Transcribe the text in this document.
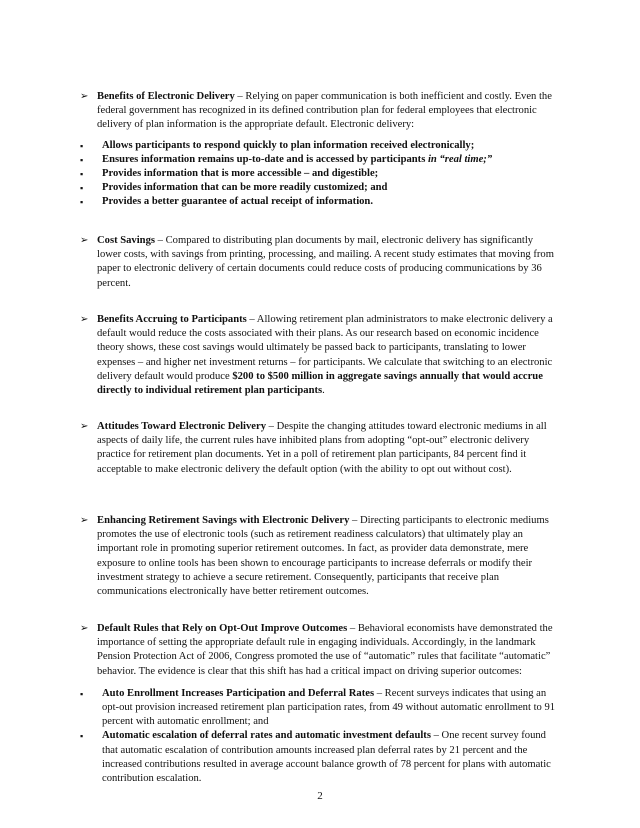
➢ Benefits of Electronic Delivery – Relying on paper communication is both inefficient and costly. Even the federal government has recognized in its defined contribution plan for federal employees that electronic delivery of plan information is the appropriate default. Electronic delivery:
▪ Allows participants to respond quickly to plan information received electronically;
▪ Ensures information remains up-to-date and is accessed by participants in “real time;”
▪ Provides information that is more accessible – and digestible;
▪ Provides information that can be more readily customized; and
▪ Provides a better guarantee of actual receipt of information.
➢ Cost Savings – Compared to distributing plan documents by mail, electronic delivery has significantly lower costs, with savings from printing, processing, and mailing. A recent study estimates that moving from paper to electronic delivery of certain documents could reduce costs of producing communications by 36 percent.
➢ Benefits Accruing to Participants – Allowing retirement plan administrators to make electronic delivery a default would reduce the costs associated with their plans. As our research based on economic incidence theory shows, these cost savings would ultimately be passed back to participants, translating to lower expenses – and higher net investment returns – for participants. We calculate that switching to an electronic delivery default would produce $200 to $500 million in aggregate savings annually that would accrue directly to individual retirement plan participants.
➢ Attitudes Toward Electronic Delivery – Despite the changing attitudes toward electronic mediums in all aspects of daily life, the current rules have inhibited plans from adopting “opt-out” electronic delivery practice for retirement plan documents. Yet in a poll of retirement plan participants, 84 percent find it acceptable to make electronic delivery the default option (with the ability to opt out without cost).
➢ Enhancing Retirement Savings with Electronic Delivery – Directing participants to electronic mediums promotes the use of electronic tools (such as retirement readiness calculators) that ultimately play an important role in promoting superior retirement outcomes. In fact, as provider data demonstrate, mere exposure to online tools has been shown to encourage participants to increase deferrals or modify their investment strategy to achieve a secure retirement. Consequently, participants that receive plan communications electronically have better retirement outcomes.
➢ Default Rules that Rely on Opt-Out Improve Outcomes – Behavioral economists have demonstrated the importance of setting the appropriate default rule in engaging individuals. Accordingly, in the landmark Pension Protection Act of 2006, Congress promoted the use of “automatic” rules that facilitate “automatic” behavior. The evidence is clear that this shift has had a critical impact on driving superior outcomes:
▪ Auto Enrollment Increases Participation and Deferral Rates – Recent surveys indicates that using an opt-out provision increased retirement plan participation rates, from 49 without automatic enrollment to 91 percent with automatic enrollment; and
▪ Automatic escalation of deferral rates and automatic investment defaults – One recent survey found that automatic escalation of contribution amounts increased plan deferral rates by 21 percent and the increased contributions resulted in average account balance growth of 78 percent for plans with automatic contribution escalation.
2
